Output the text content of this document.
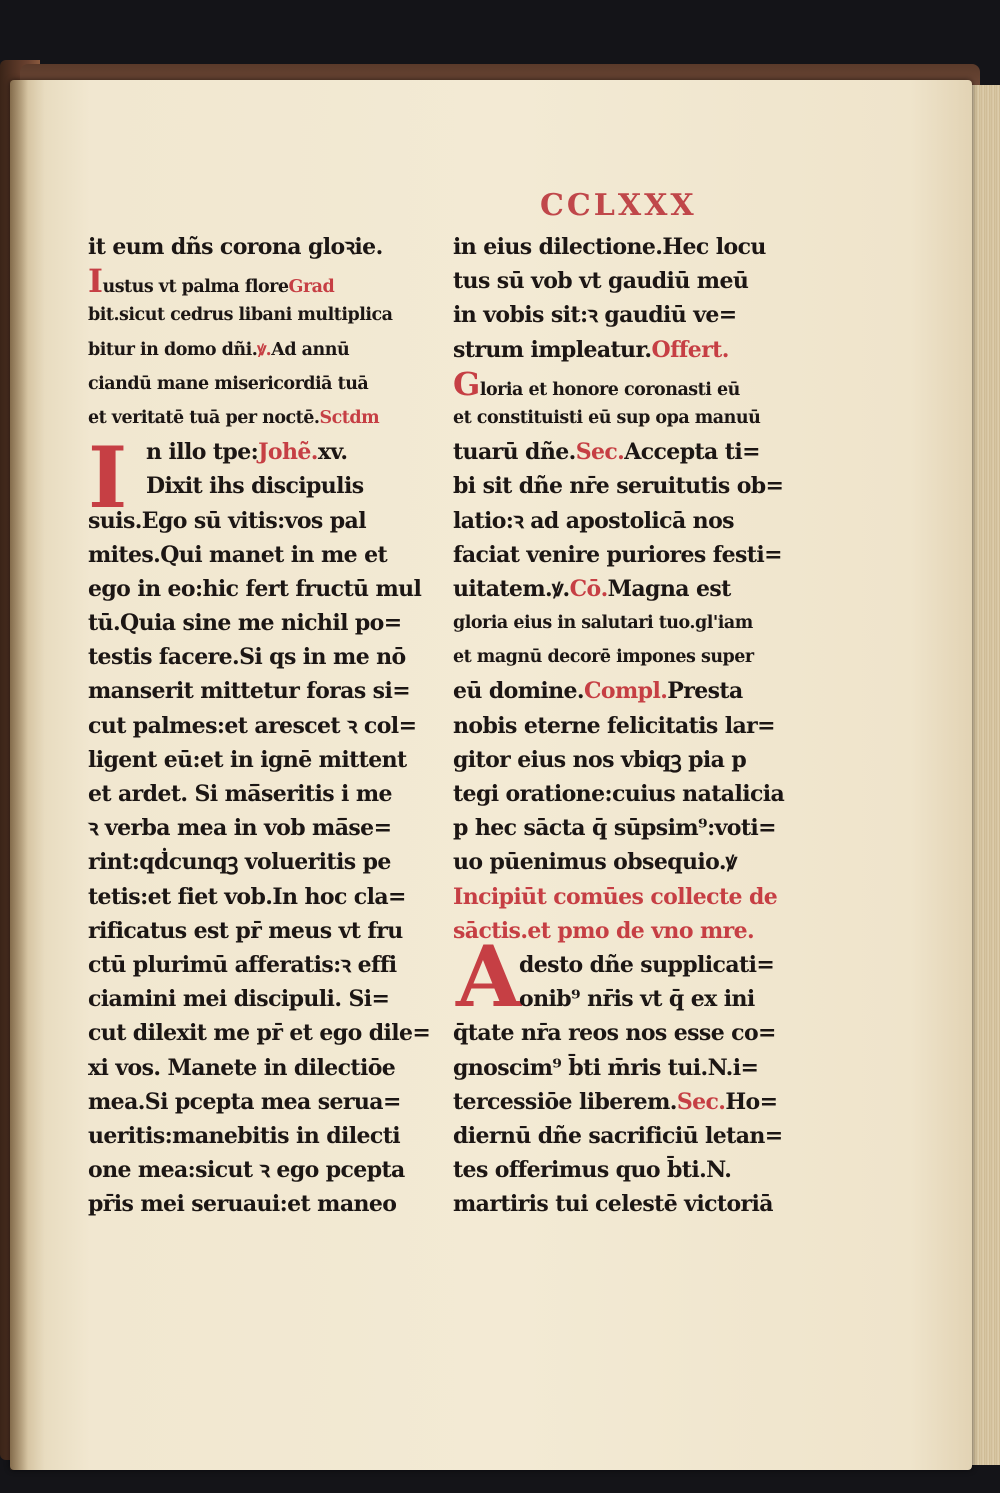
CCLXXX
I
A
it eum dñs corona gloꝛie.
Iustus vt palma floreGrad
bit.sicut cedrus libani multiplica
bitur in domo dñi.ꝟ.Ad annū
ciandū mane misericordiā tuā
et veritatē tuā per noctē.Sctdm
n illo tpe:Johẽ.xv.
Dixit ihs discipulis
suis.Ego sū vitis:vos pal
mites.Qui manet in me et
ego in eo:hic fert fructū mul
tū.Quia sine me nichil po=
testis facere.Si qs in me nō
manserit mittetur foras si=
cut palmes:et arescet ꝛ col=
ligent eū:et in ignē mittent
et ardet. Si mā̄seritis i me
ꝛ verba mea in vob mā̄se=
rint:qḋcunqꝫ volueritis pe
tetis:et fiet vob.In hoc cla=
rificatus est pr̄ meus vt fru
ctū plurimū afferatis:ꝛ effi
ciamini mei discipuli. Si=
cut dilexit me pr̄ et ego dile=
xi vos. Manete in dilectiōe
mea.Si pcepta mea serua=
ueritis:manebitis in dilecti
one mea:sicut ꝛ ego pcepta
pr̄is mei seruaui:et maneo
in eius dilectione.Hec locu
tus sū vob vt gaudiū meū
in vobis sit:ꝛ gaudiū ve=
strum impleatur.Offert.
Gloria et honore coronasti eū
et constituisti eū sup opa manuū
tuarū dñe.Sec.Accepta ti=
bi sit dñe nr̄e seruitutis ob=
latio:ꝛ ad apostolicā nos
faciat venire puriores festi=
uitatem.ꝟ.Cō.Magna est
gloria eius in salutari tuo.gl'iam
et magnū decorē impones super
eū domine.Compl.Presta
nobis eterne felicitatis lar=
gitor eius nos vbiqꝫ pia p
tegi oratione:cuius natalicia
p hec sācta q̄ sūpsim⁹:voti=
uo pūenimus obsequio.ꝟ
Incipiūt comūes collecte de
sāctis.et pmo de vno mre.
desto dñe supplicati=
onib⁹ nr̄is vt q̄ ex ini
q̄tate nr̄a reos nos esse co=
gnoscim⁹ b̄ti m̄ris tui.N.i=
tercessiōe liberem.Sec.Ho=
diernū dñe sacrificiū letan=
tes offerimus quo b̄ti.N.
martiris tui celestē victoriā
